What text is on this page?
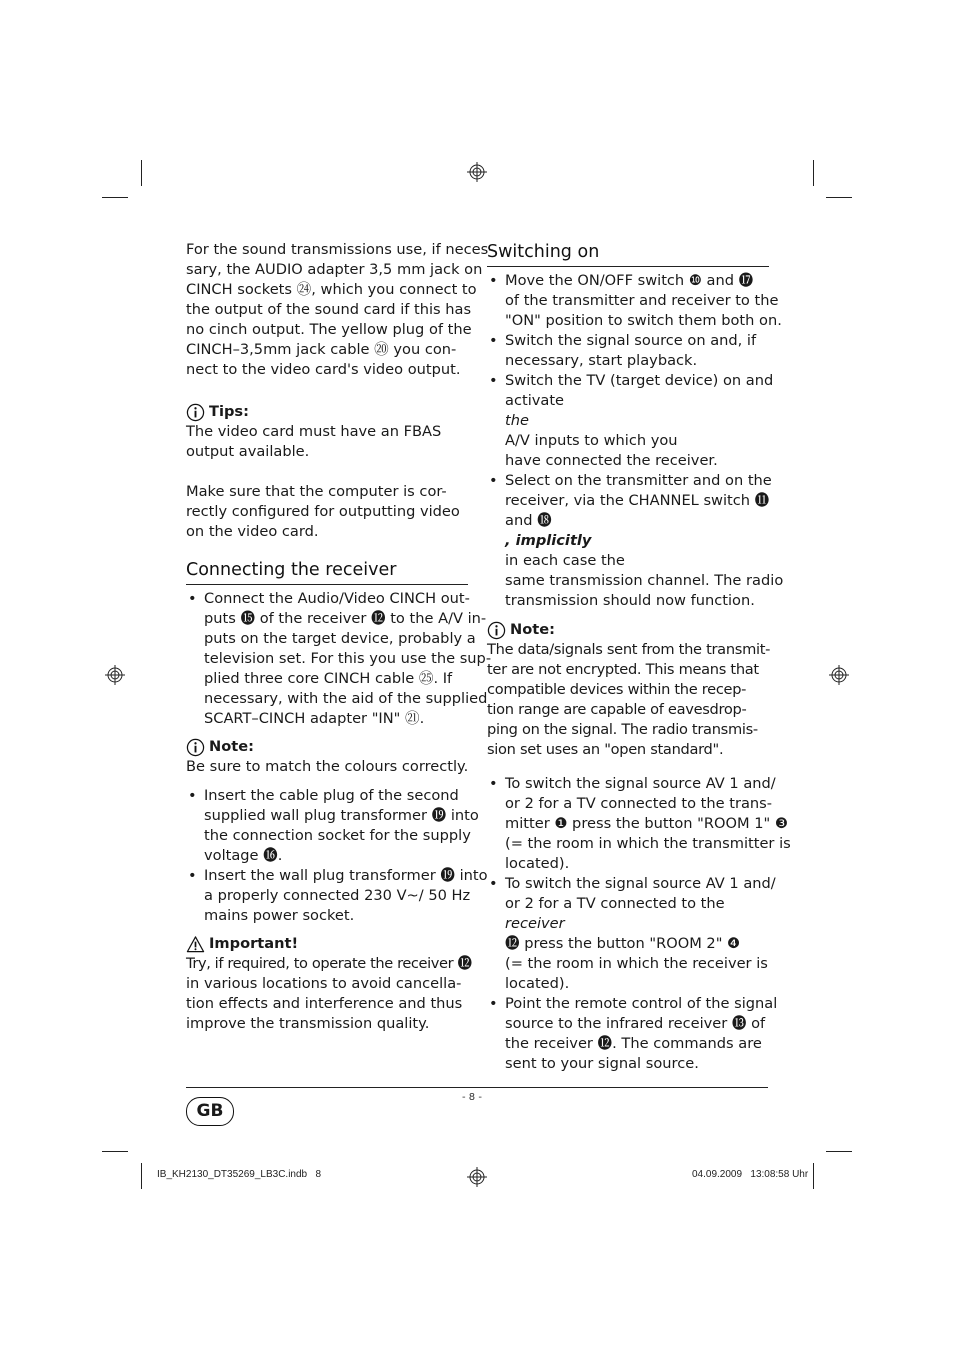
For the sound transmissions use, if neces-
sary, the AUDIO adapter 3,5 mm jack on
CINCH sockets ㉔, which you connect to
the output of the sound card if this has
no cinch output. The yellow plug of the
CINCH–3,5mm jack cable ⑳ you con-
nect to the video card's video output.

Tips:

The video card must have an FBAS
output available.

Make sure that the computer is cor-
rectly configured for outputting video
on the video card.

Connecting the receiver
• Connect the Audio/Video CINCH out-
puts ⓯ of the receiver ⓬ to the A/V in-
puts on the target device, probably a
television set. For this you use the sup-
plied three core CINCH cable ㉕. If
necessary, with the aid of the supplied
SCART–CINCH adapter "IN" ㉑.
Note:

Be sure to match the colours correctly.

• Insert the cable plug of the second
supplied wall plug transformer ⓳ into
the connection socket for the supply
voltage ⓰.
• Insert the wall plug transformer ⓳ into
a properly connected 230 V~/ 50 Hz
mains power socket.
Important!

Try, if required, to operate the receiver ⓬
in various locations to avoid cancella-
tion effects and interference and thus
improve the transmission quality.

Switching on
• Move the ON/OFF switch ❿ and ⓱
of the transmitter and receiver to the
"ON" position to switch them both on.
• Switch the signal source on and, if
necessary, start playback.
• Switch the TV (target device) on and
activate
the
A/V inputs to which you
have connected the receiver.
• Select on the transmitter and on the
receiver, via the CHANNEL switch ⓫
and ⓲
, implicitly
in each case the
same transmission channel. The radio
transmission should now function.
Note:

The data/signals sent from the transmit-
ter are not encrypted. This means that
compatible devices within the recep-
tion range are capable of eavesdrop-
ping on the signal. The radio transmis-
sion set uses an "open standard".

• To switch the signal source AV 1 and/
or 2 for a TV connected to the trans-
mitter ❶ press the button "ROOM 1" ❸
(= the room in which the transmitter is
located).
• To switch the signal source AV 1 and/
or 2 for a TV connected to the
receiver
⓬ press the button "ROOM 2" ❹
(= the room in which the receiver is
located).
• Point the remote control of the signal
source to the infrared receiver ⓭ of
the receiver ⓬. The commands are
sent to your signal source.
- 8 -
GB
IB_KH2130_DT35269_LB3C.indb   8	04.09.2009   13:08:58 Uhr
